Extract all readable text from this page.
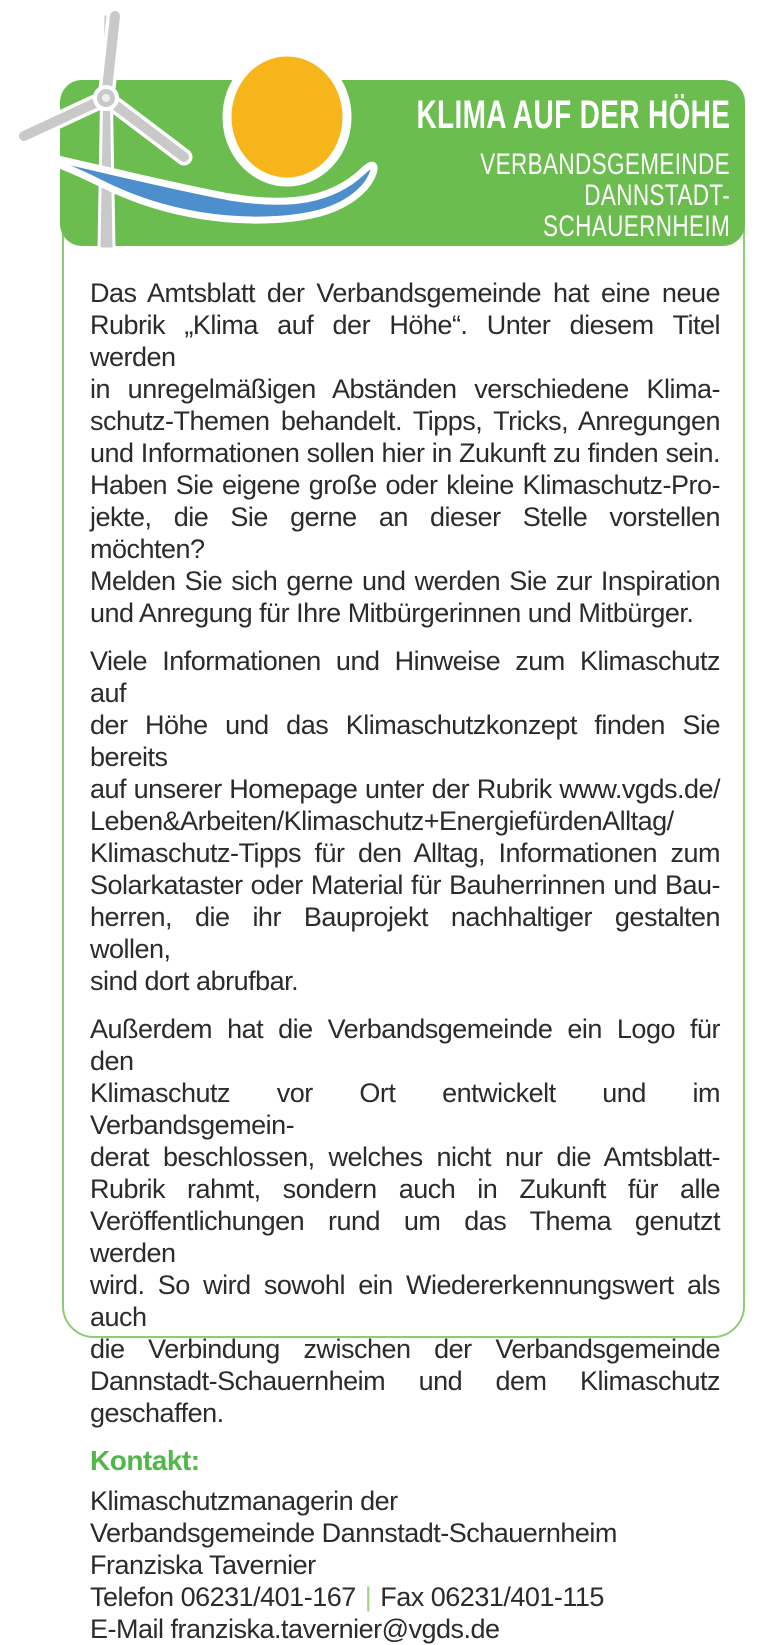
KLIMA AUF DER HÖHE
VERBANDSGEMEINDE
DANNSTADT-
SCHAUERNHEIM
Das Amtsblatt der Verbandsgemeinde hat eine neue
Rubrik „Klima auf der Höhe“. Unter diesem Titel werden
in unregelmäßigen Abständen verschiedene Klima-
schutz-Themen behandelt. Tipps, Tricks, Anregungen
und Informationen sollen hier in Zukunft zu finden sein.
Haben Sie eigene große oder kleine Klimaschutz-Pro-
jekte, die Sie gerne an dieser Stelle vorstellen möchten?
Melden Sie sich gerne und werden Sie zur Inspiration
und Anregung für Ihre Mitbürgerinnen und Mitbürger.
Viele Informationen und Hinweise zum Klimaschutz auf
der Höhe und das Klimaschutzkonzept finden Sie bereits
auf unserer Homepage unter der Rubrik www.vgds.de/
Leben&Arbeiten/Klimaschutz+EnergiefürdenAlltag/
Klimaschutz-Tipps für den Alltag, Informationen zum
Solarkataster oder Material für Bauherrinnen und Bau-
herren, die ihr Bauprojekt nachhaltiger gestalten wollen,
sind dort abrufbar.
Außerdem hat die Verbandsgemeinde ein Logo für den
Klimaschutz vor Ort entwickelt und im Verbandsgemein-
derat beschlossen, welches nicht nur die Amtsblatt-
Rubrik rahmt, sondern auch in Zukunft für alle
Veröffentlichungen rund um das Thema genutzt werden
wird. So wird sowohl ein Wiedererkennungswert als auch
die Verbindung zwischen der Verbandsgemeinde
Dannstadt-Schauernheim und dem Klimaschutz geschaffen.
Kontakt:
Klimaschutzmanagerin der
Verbandsgemeinde Dannstadt-Schauernheim
Franziska Tavernier
Telefon 06231/401-167 | Fax 06231/401-115
E-Mail franziska.tavernier@vgds.de
